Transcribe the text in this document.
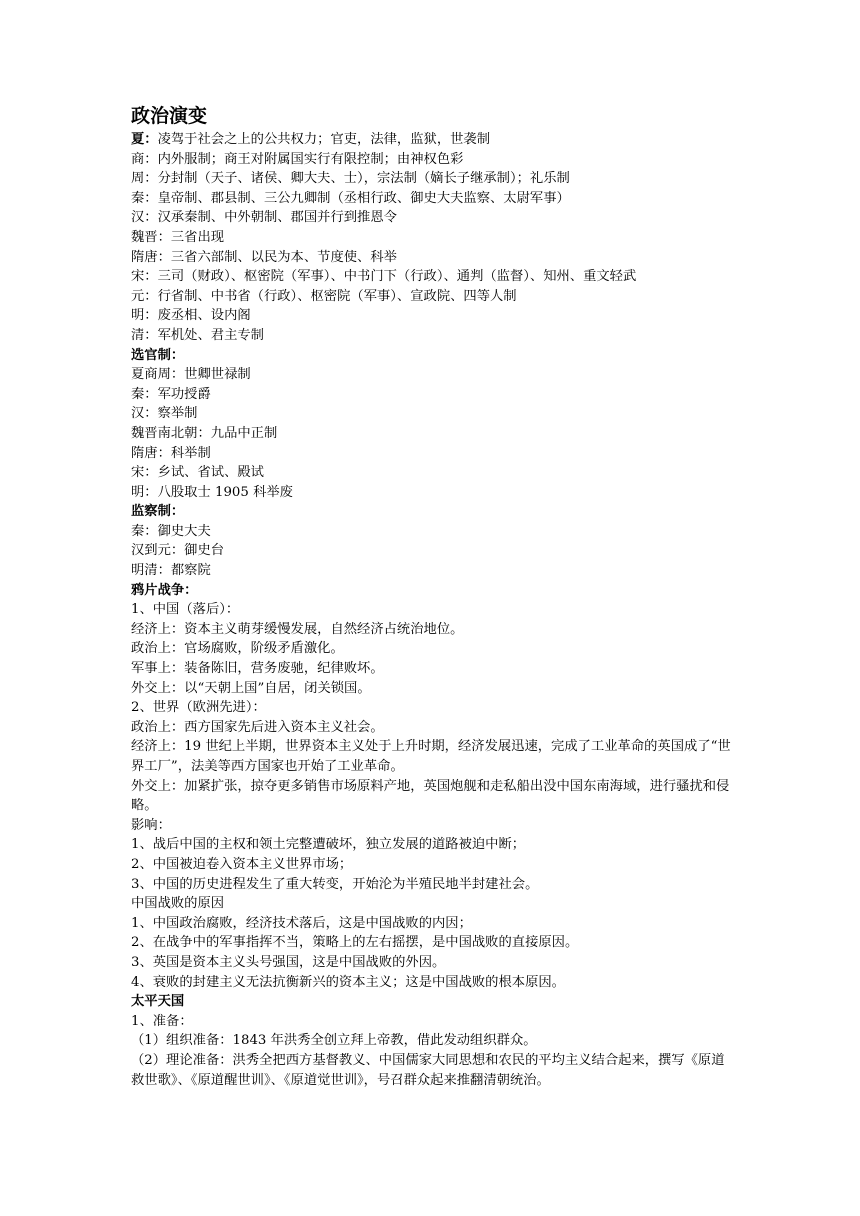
政治演变
夏：凌驾于社会之上的公共权力；官吏，法律，监狱，世袭制
商：内外服制；商王对附属国实行有限控制；由神权色彩
周：分封制（天子、诸侯、卿大夫、士），宗法制（嫡长子继承制）；礼乐制
秦：皇帝制、郡县制、三公九卿制（丞相行政、御史大夫监察、太尉军事）
汉：汉承秦制、中外朝制、郡国并行到推恩令
魏晋：三省出现
隋唐：三省六部制、以民为本、节度使、科举
宋：三司（财政）、枢密院（军事）、中书门下（行政）、通判（监督）、知州、重文轻武
元：行省制、中书省（行政）、枢密院（军事）、宣政院、四等人制
明：废丞相、设内阁
清：军机处、君主专制
选官制：
夏商周：世卿世禄制
秦：军功授爵
汉：察举制
魏晋南北朝：九品中正制
隋唐：科举制
宋：乡试、省试、殿试
明：八股取士 1905 科举废
监察制：
秦：御史大夫
汉到元：御史台
明清：都察院
鸦片战争：
1、中国（落后）：
经济上：资本主义萌芽缓慢发展，自然经济占统治地位。
政治上：官场腐败，阶级矛盾激化。
军事上：装备陈旧，营务废驰，纪律败坏。
外交上：以“天朝上国”自居，闭关锁国。
2、世界（欧洲先进）：
政治上：西方国家先后进入资本主义社会。
经济上：19 世纪上半期，世界资本主义处于上升时期，经济发展迅速，完成了工业革命的英国成了“世界工厂”，法美等西方国家也开始了工业革命。
外交上：加紧扩张，掠夺更多销售市场原料产地，英国炮舰和走私船出没中国东南海域，进行骚扰和侵略。
影响：
1、战后中国的主权和领土完整遭破坏，独立发展的道路被迫中断；
2、中国被迫卷入资本主义世界市场；
3、中国的历史进程发生了重大转变，开始沦为半殖民地半封建社会。
中国战败的原因
1、中国政治腐败，经济技术落后，这是中国战败的内因；
2、在战争中的军事指挥不当，策略上的左右摇摆，是中国战败的直接原因。
3、英国是资本主义头号强国，这是中国战败的外因。
4、衰败的封建主义无法抗衡新兴的资本主义；这是中国战败的根本原因。
太平天国
1、准备：
（1）组织准备：1843 年洪秀全创立拜上帝教，借此发动组织群众。
（2）理论准备：洪秀全把西方基督教义、中国儒家大同思想和农民的平均主义结合起来，撰写《原道救世歌》、《原道醒世训》、《原道觉世训》，号召群众起来推翻清朝统治。
